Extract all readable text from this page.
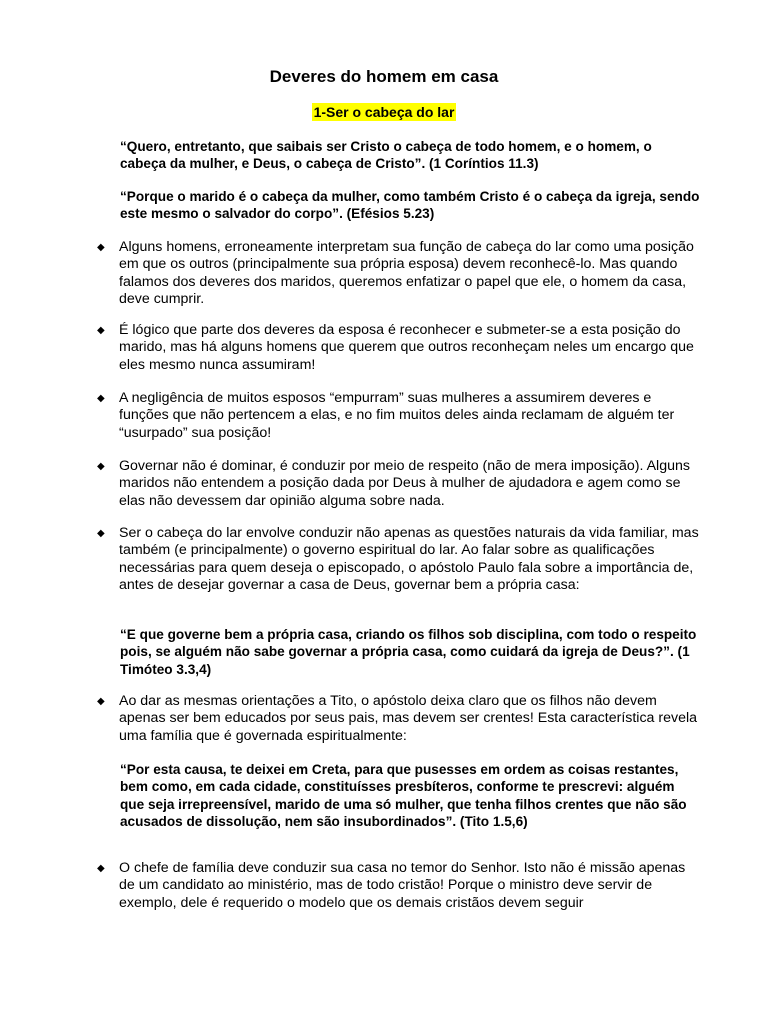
Deveres do homem em casa
1-Ser o cabeça do lar
“Quero, entretanto, que saibais ser Cristo o cabeça de todo homem, e o homem, o cabeça da mulher, e Deus, o cabeça de Cristo”. (1 Coríntios 11.3)
“Porque o marido é o cabeça da mulher, como também Cristo é o cabeça da igreja, sendo este mesmo o salvador do corpo”. (Efésios 5.23)
◆ Alguns homens, erroneamente interpretam sua função de cabeça do lar como uma posição em que os outros (principalmente sua própria esposa) devem reconhecê-lo. Mas quando falamos dos deveres dos maridos, queremos enfatizar o papel que ele, o homem da casa, deve cumprir.
◆ É lógico que parte dos deveres da esposa é reconhecer e submeter-se a esta posição do marido, mas há alguns homens que querem que outros reconheçam neles um encargo que eles mesmo nunca assumiram!
◆ A negligência de muitos esposos “empurram” suas mulheres a assumirem deveres e funções que não pertencem a elas, e no fim muitos deles ainda reclamam de alguém ter “usurpado” sua posição!
◆ Governar não é dominar, é conduzir por meio de respeito (não de mera imposição). Alguns maridos não entendem a posição dada por Deus à mulher de ajudadora e agem como se elas não devessem dar opinião alguma sobre nada.
◆ Ser o cabeça do lar envolve conduzir não apenas as questões naturais da vida familiar, mas também (e principalmente) o governo espiritual do lar. Ao falar sobre as qualificações necessárias para quem deseja o episcopado, o apóstolo Paulo fala sobre a importância de, antes de desejar governar a casa de Deus, governar bem a própria casa:
“E que governe bem a própria casa, criando os filhos sob disciplina, com todo o respeito pois, se alguém não sabe governar a própria casa, como cuidará da igreja de Deus?”. (1 Timóteo 3.3,4)
◆ Ao dar as mesmas orientações a Tito, o apóstolo deixa claro que os filhos não devem apenas ser bem educados por seus pais, mas devem ser crentes! Esta característica revela uma família que é governada espiritualmente:
“Por esta causa, te deixei em Creta, para que pusesses em ordem as coisas restantes, bem como, em cada cidade, constituísses presbíteros, conforme te prescrevi: alguém que seja irrepreensível, marido de uma só mulher, que tenha filhos crentes que não são acusados de dissolução, nem são insubordinados”. (Tito 1.5,6)
◆ O chefe de família deve conduzir sua casa no temor do Senhor. Isto não é missão apenas de um candidato ao ministério, mas de todo cristão! Porque o ministro deve servir de exemplo, dele é requerido o modelo que os demais cristãos devem seguir
